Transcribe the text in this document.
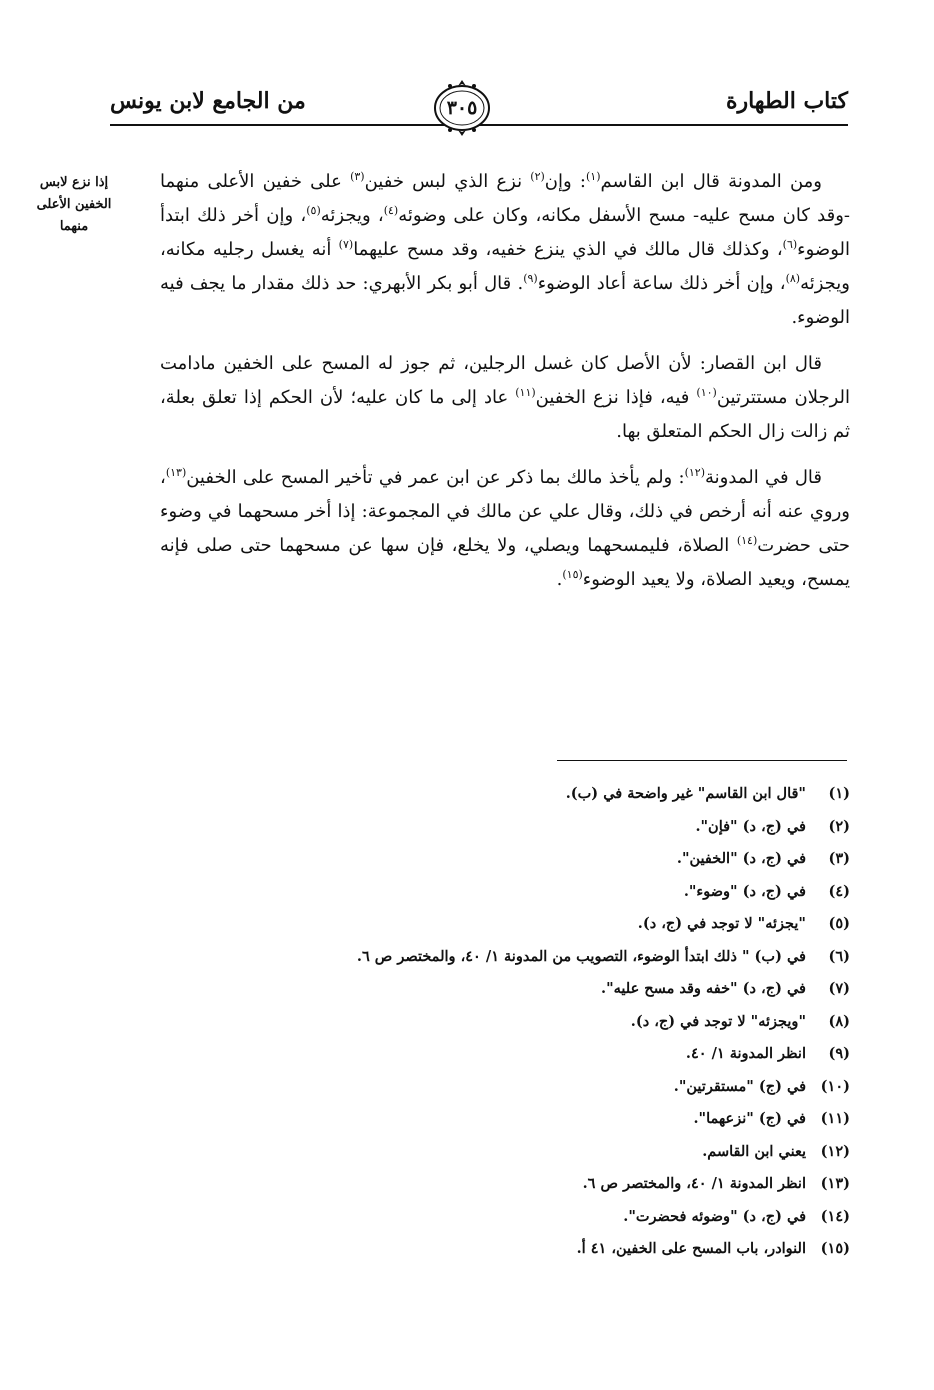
كتاب الطهارة
من الجامع لابن يونس	٣٠٥
إذا نزع لابس
الخفين الأعلى
منهما

ومن المدونة قال ابن القاسم$^{(١)}$: وإن$^{(٢)}$ نزع الذي لبس خفين$^{(٣)}$ على خفين الأعلى منهما -وقد كان مسح عليه- مسح الأسفل مكانه، وكان على وضوئه$^{(٤)}$، ويجزئه$^{(٥)}$، وإن أخر ذلك ابتدأ الوضوء$^{(٦)}$، وكذلك قال مالك في الذي ينزع خفيه، وقد مسح عليهما$^{(٧)}$ أنه يغسل رجليه مكانه، ويجزئه$^{(٨)}$، وإن أخر ذلك ساعة أعاد الوضوء$^{(٩)}$. قال أبو بكر الأبهري: حد ذلك مقدار ما يجف فيه الوضوء.

قال ابن القصار: لأن الأصل كان غسل الرجلين، ثم جوز له المسح على الخفين مادامت الرجلان مستترتين$^{(١٠)}$ فيه، فإذا نزع الخفين$^{(١١)}$ عاد إلى ما كان عليه؛ لأن الحكم إذا تعلق بعلة، ثم زالت زال الحكم المتعلق بها.

قال في المدونة$^{(١٢)}$: ولم يأخذ مالك بما ذكر عن ابن عمر في تأخير المسح على الخفين$^{(١٣)}$، وروي عنه أنه أرخص في ذلك، وقال علي عن مالك في المجموعة: إذا أخر مسحهما في وضوء حتى حضرت$^{(١٤)}$ الصلاة، فليمسحهما ويصلي، ولا يخلع، فإن سها عن مسحهما حتى صلى فإنه يمسح، ويعيد الصلاة، ولا يعيد الوضوء$^{(١٥)}$.

(١)"قال ابن القاسم" غير واضحة في (ب).
(٢)في (ج، د) "فإن".
(٣)في (ج، د) "الخفين".
(٤)في (ج، د) "وضوء".
(٥)"يجزئه" لا توجد في (ج، د).
(٦)في (ب) " ذلك ابتدأ الوضوء، التصويب من المدونة ١/ ٤٠، والمختصر ص ٦.
(٧)في (ج، د) "خفه وقد مسح عليه".
(٨)"ويجزئه" لا توجد في (ج، د).
(٩)انظر المدونة ١/ ٤٠.
(١٠)في (ج) "مستقرتين".
(١١)في (ج) "نزعهما".
(١٢)يعني ابن القاسم.
(١٣)انظر المدونة ١/ ٤٠، والمختصر ص ٦.
(١٤)في (ج، د) "وضوئه فحضرت".
(١٥)النوادر، باب المسح على الخفين، ٤١ أ.
